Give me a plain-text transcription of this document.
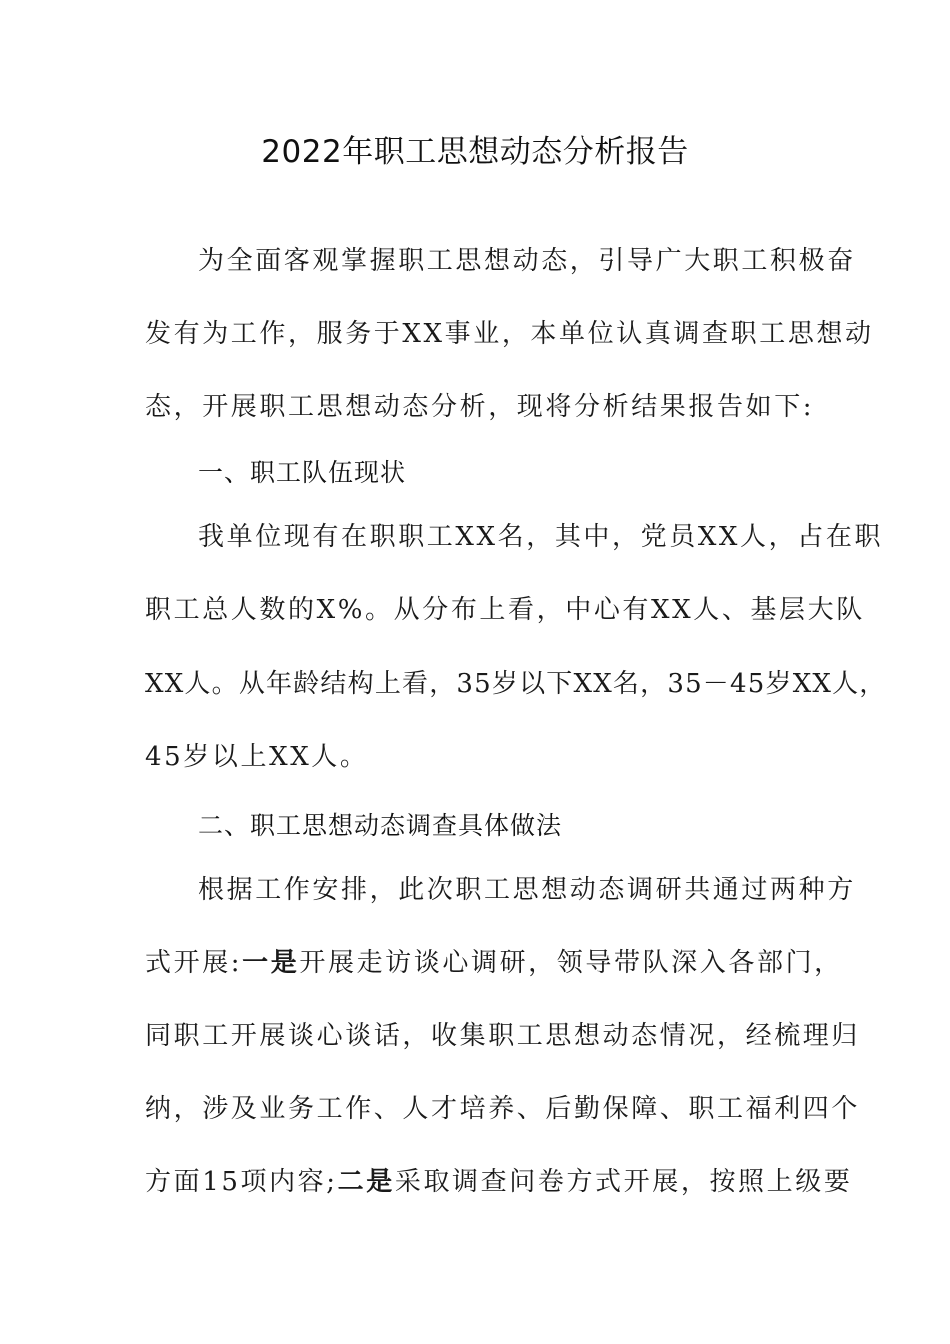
2022年职工思想动态分析报告
为全面客观掌握职工思想动态，引导广大职工积极奋
发有为工作，服务于XX事业，本单位认真调查职工思想动
态，开展职工思想动态分析，现将分析结果报告如下:
一、职工队伍现状
我单位现有在职职工XX名，其中，党员XX人，占在职
职工总人数的X%。从分布上看，中心有XX人、基层大队
XX人。从年龄结构上看，35岁以下XX名，35－45岁XX人，
45岁以上XX人。
二、职工思想动态调查具体做法
根据工作安排，此次职工思想动态调研共通过两种方
式开展:一是开展走访谈心调研，领导带队深入各部门，
同职工开展谈心谈话，收集职工思想动态情况，经梳理归
纳，涉及业务工作、人才培养、后勤保障、职工福利四个
方面15项内容;二是采取调查问卷方式开展，按照上级要
